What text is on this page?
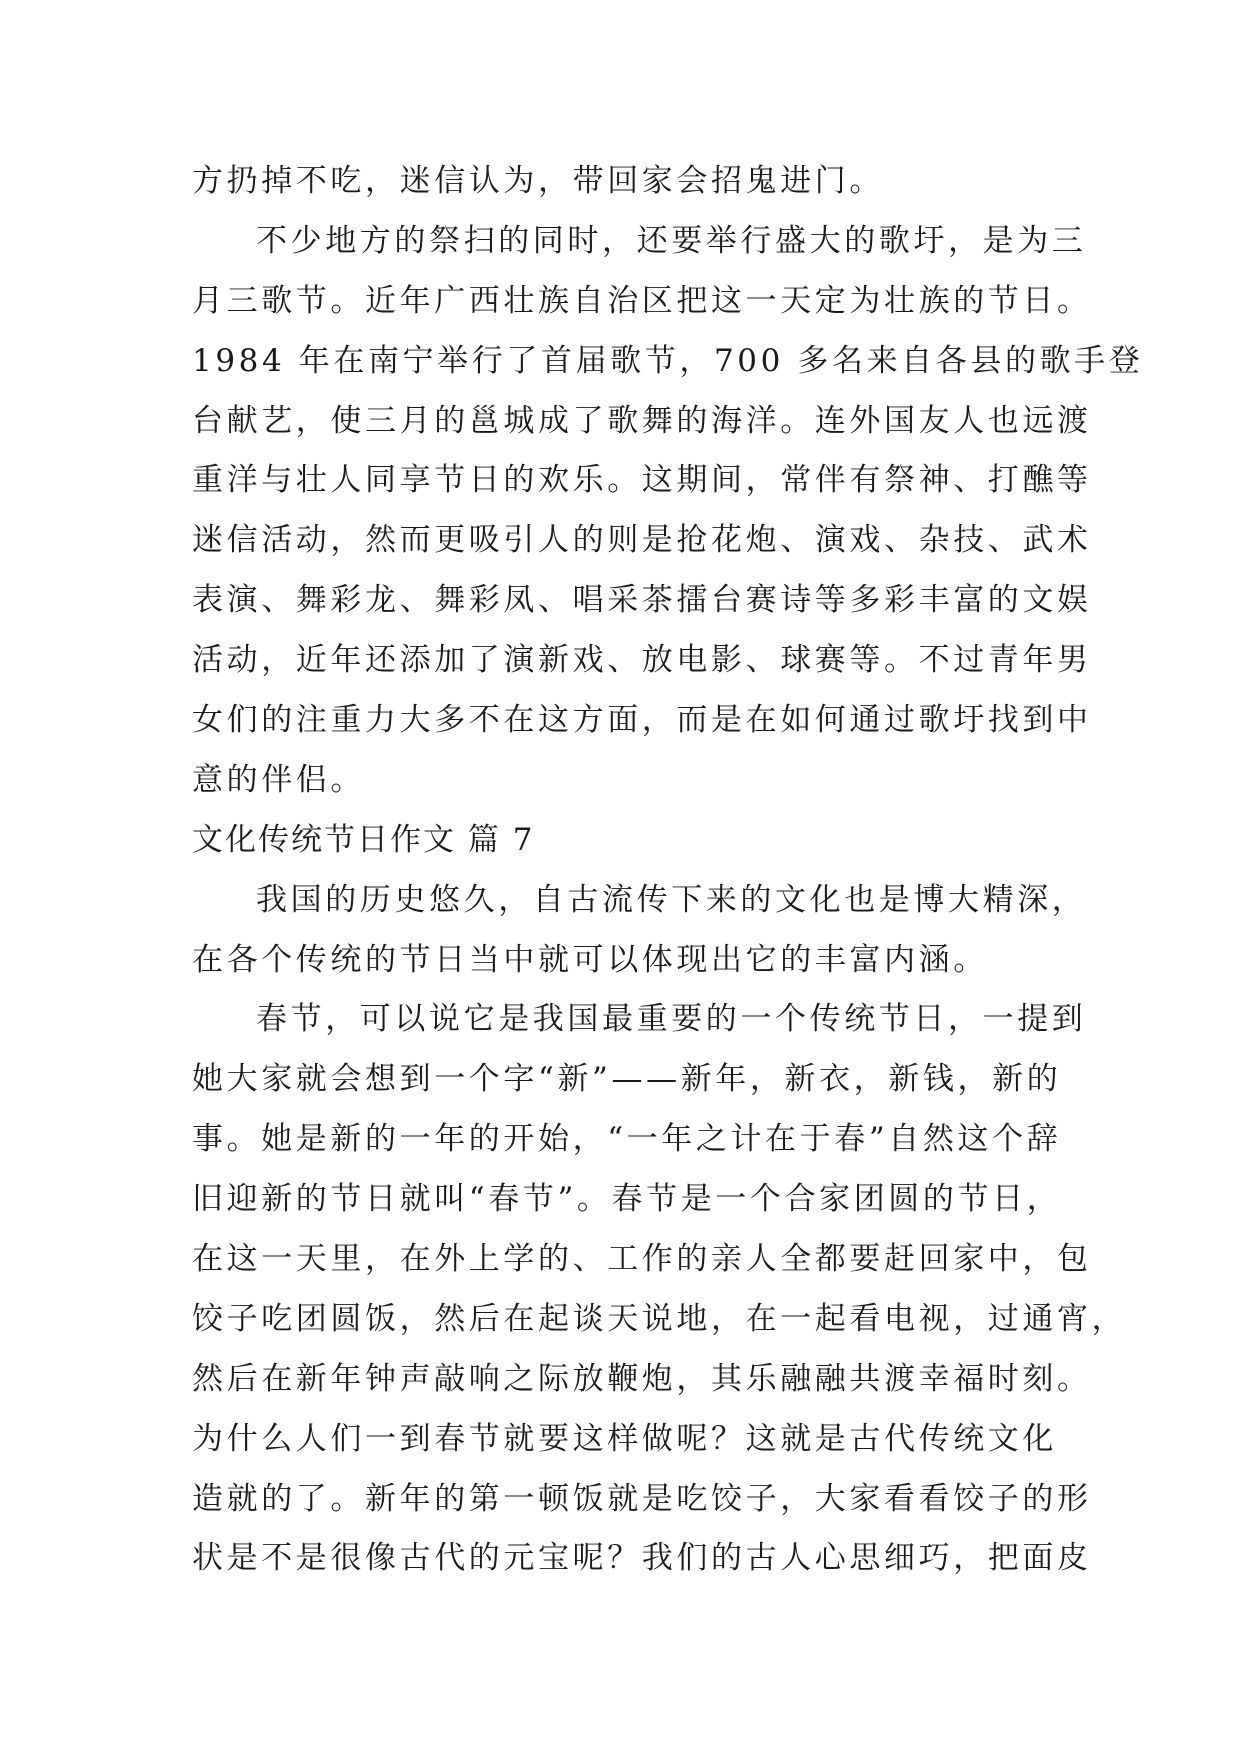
方扔掉不吃，迷信认为，带回家会招鬼进门。
不少地方的祭扫的同时，还要举行盛大的歌圩，是为三
月三歌节。近年广西壮族自治区把这一天定为壮族的节日。
1984 年在南宁举行了首届歌节，700 多名来自各县的歌手登
台献艺，使三月的邕城成了歌舞的海洋。连外国友人也远渡
重洋与壮人同享节日的欢乐。这期间，常伴有祭神、打醮等
迷信活动，然而更吸引人的则是抢花炮、演戏、杂技、武术
表演、舞彩龙、舞彩凤、唱采茶擂台赛诗等多彩丰富的文娱
活动，近年还添加了演新戏、放电影、球赛等。不过青年男
女们的注重力大多不在这方面，而是在如何通过歌圩找到中
意的伴侣。
文化传统节日作文 篇 7
我国的历史悠久，自古流传下来的文化也是博大精深，
在各个传统的节日当中就可以体现出它的丰富内涵。
春节，可以说它是我国最重要的一个传统节日，一提到
她大家就会想到一个字“新”——新年，新衣，新钱，新的
事。她是新的一年的开始，“一年之计在于春”自然这个辞
旧迎新的节日就叫“春节”。春节是一个合家团圆的节日，
在这一天里，在外上学的、工作的亲人全都要赶回家中，包
饺子吃团圆饭，然后在起谈天说地，在一起看电视，过通宵，
然后在新年钟声敲响之际放鞭炮，其乐融融共渡幸福时刻。
为什么人们一到春节就要这样做呢？这就是古代传统文化
造就的了。新年的第一顿饭就是吃饺子，大家看看饺子的形
状是不是很像古代的元宝呢？我们的古人心思细巧，把面皮
